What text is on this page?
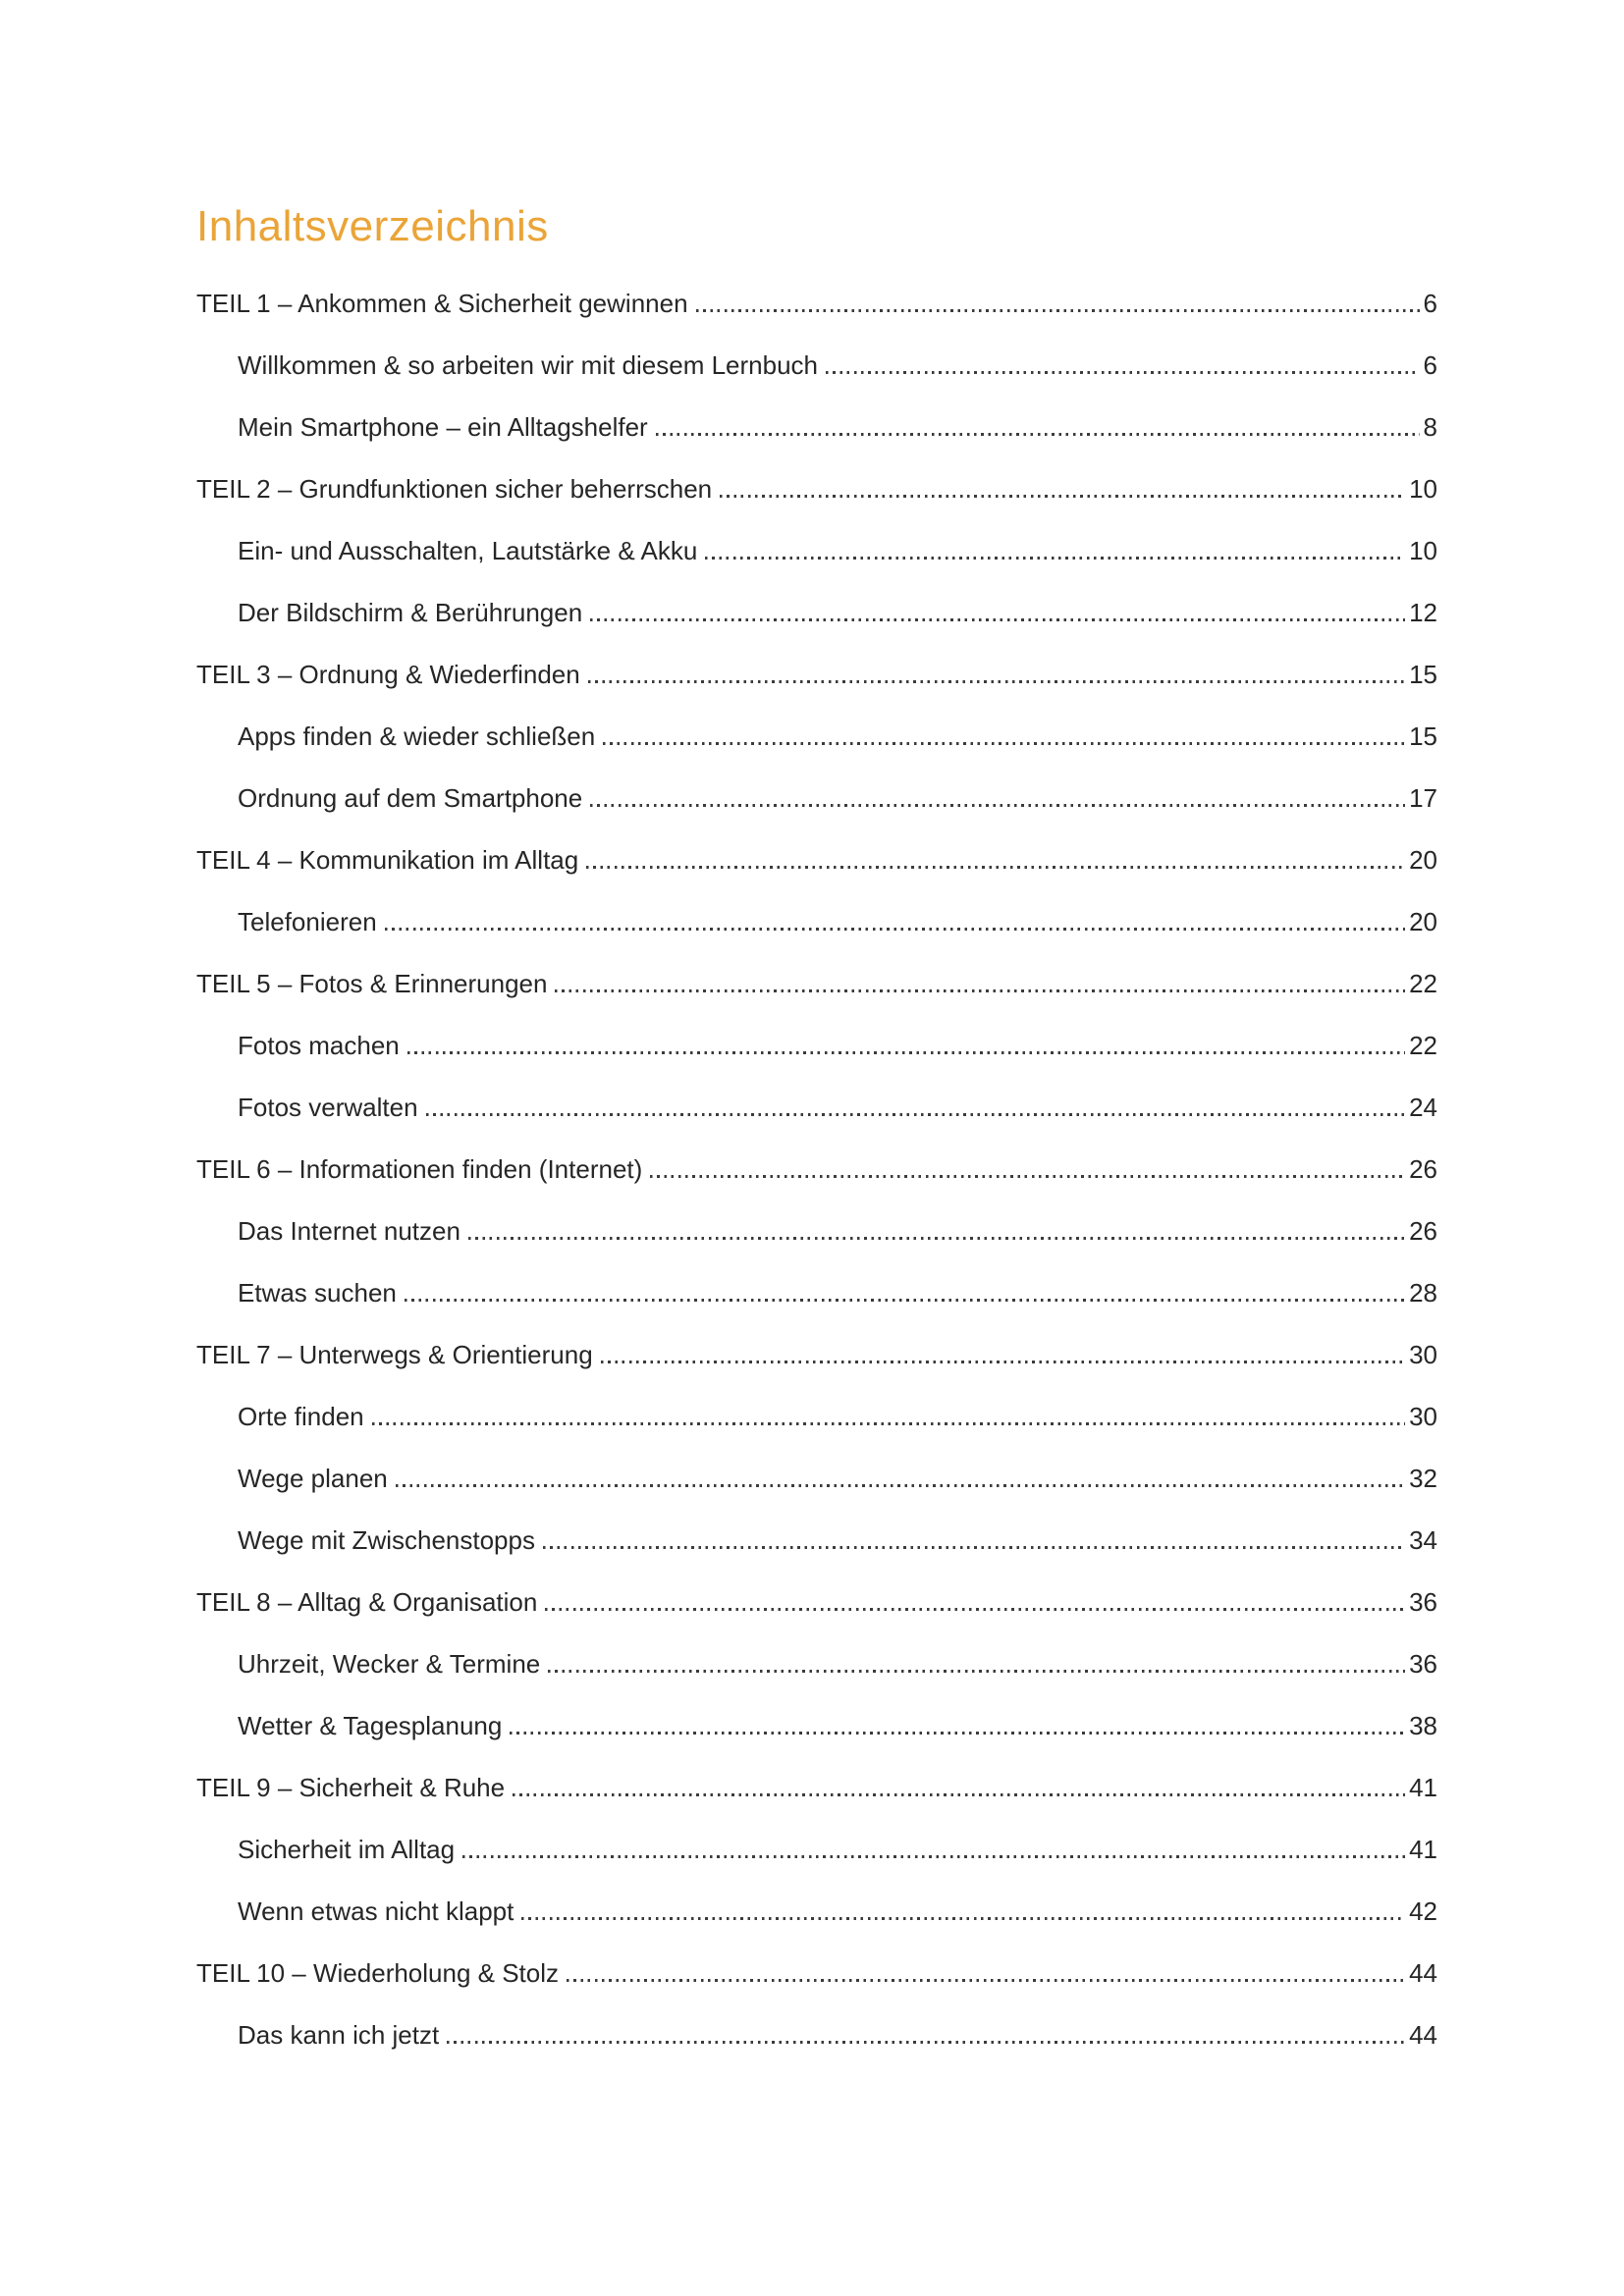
Inhaltsverzeichnis
TEIL 1 – Ankommen & Sicherheit gewinnen	6
Willkommen & so arbeiten wir mit diesem Lernbuch	6
Mein Smartphone – ein Alltagshelfer	8
TEIL 2 – Grundfunktionen sicher beherrschen	10
Ein- und Ausschalten, Lautstärke & Akku	10
Der Bildschirm & Berührungen	12
TEIL 3 – Ordnung & Wiederfinden	15
Apps finden & wieder schließen	15
Ordnung auf dem Smartphone	17
TEIL 4 – Kommunikation im Alltag	20
Telefonieren	20
TEIL 5 – Fotos & Erinnerungen	22
Fotos machen	22
Fotos verwalten	24
TEIL 6 – Informationen finden (Internet)	26
Das Internet nutzen	26
Etwas suchen	28
TEIL 7 – Unterwegs & Orientierung	30
Orte finden	30
Wege planen	32
Wege mit Zwischenstopps	34
TEIL 8 – Alltag & Organisation	36
Uhrzeit, Wecker & Termine	36
Wetter & Tagesplanung	38
TEIL 9 – Sicherheit & Ruhe	41
Sicherheit im Alltag	41
Wenn etwas nicht klappt	42
TEIL 10 – Wiederholung & Stolz	44
Das kann ich jetzt	44
